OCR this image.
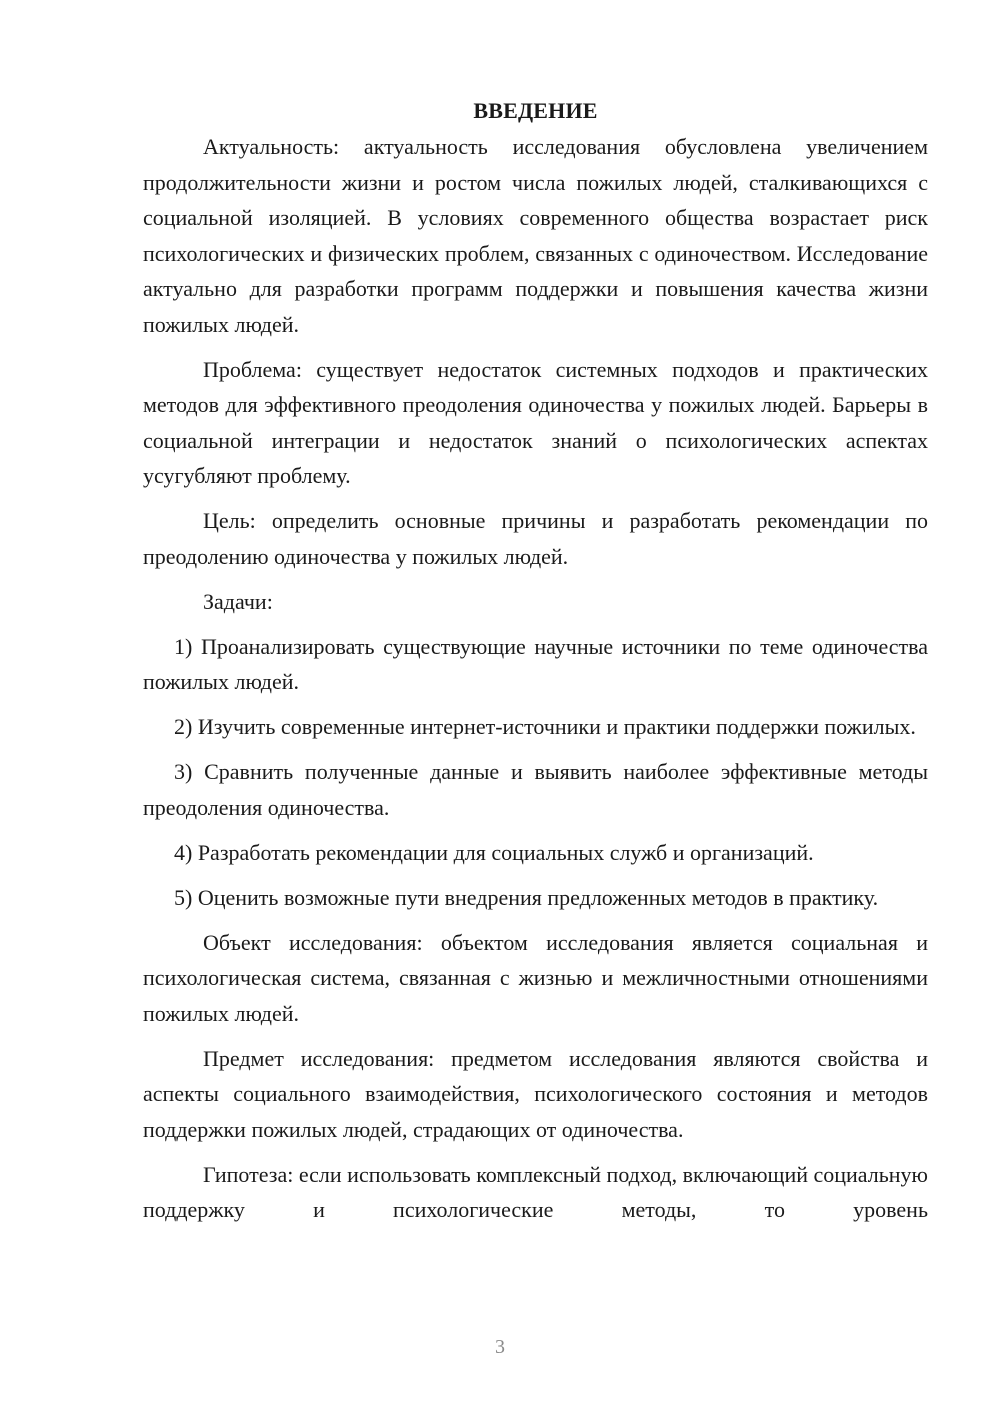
ВВЕДЕНИЕ

Актуальность: актуальность исследования обусловлена увеличением продолжительности жизни и ростом числа пожилых людей, сталкивающихся с социальной изоляцией. В условиях современного общества возрастает риск психологических и физических проблем, связанных с одиночеством. Исследование актуально для разработки программ поддержки и повышения качества жизни пожилых людей.

Проблема: существует недостаток системных подходов и практических методов для эффективного преодоления одиночества у пожилых людей. Барьеры в социальной интеграции и недостаток знаний о психологических аспектах усугубляют проблему.

Цель: определить основные причины и разработать рекомендации по преодолению одиночества у пожилых людей.

Задачи:

1) Проанализировать существующие научные источники по теме одиночества пожилых людей.

2) Изучить современные интернет-источники и практики поддержки пожилых.

3) Сравнить полученные данные и выявить наиболее эффективные методы преодоления одиночества.

4) Разработать рекомендации для социальных служб и организаций.

5) Оценить возможные пути внедрения предложенных методов в практику.

Объект исследования: объектом исследования является социальная и психологическая система, связанная с жизнью и межличностными отношениями пожилых людей.

Предмет исследования: предметом исследования являются свойства и аспекты социального взаимодействия, психологического состояния и методов поддержки пожилых людей, страдающих от одиночества.

Гипотеза: если использовать комплексный подход, включающий социальную поддержку и психологические методы, то уровень

3
